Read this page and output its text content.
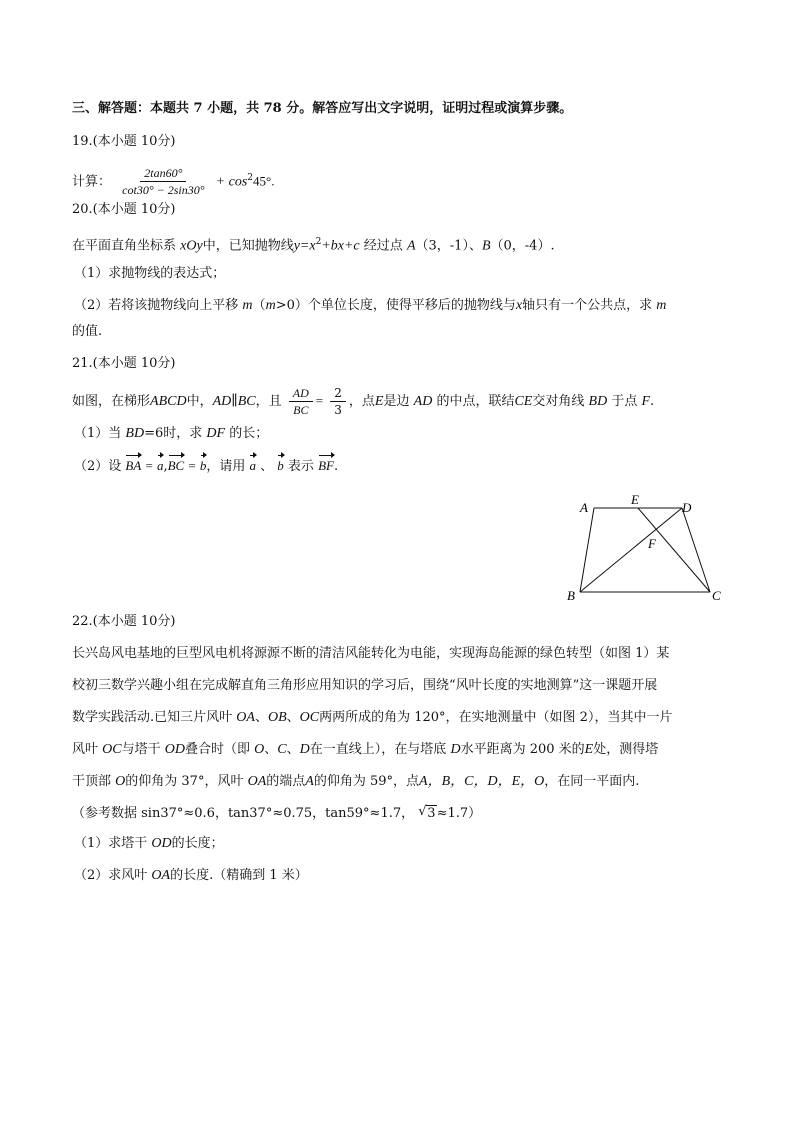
三、解答题：本题共 7 小题，共 78 分。解答应写出文字说明，证明过程或演算步骤。
19.(本小题 10分)
计算： $\frac{2\tan 60^\circ}{\cot 30^\circ - 2\sin 30^\circ} + \cos^245^\circ$.
20.(本小题 10分)
在平面直角坐标系 xOy中，已知抛物线$y=x^2+bx+c$ 经过点 A（3，-1）、B（0，-4）.
（1）求抛物线的表达式；
（2）若将该抛物线向上平移 m（m>0）个单位长度，使得平移后的抛物线与x轴只有一个公共点，求 m
的值.
21.(本小题 10分)
如图，在梯形ABCD中，AD∥BC，且 $\frac{AD}{BC} = \frac{2}{3}$ ，点E是边 AD 的中点，联结CE交对角线 BD 于点 F.
（1）当 BD=6时，求 DF 的长；
（2）设 BA = a,BC = b，请用 a 、 b 表示 BF.
A
E
D
F
B	C
22.(本小题 10分)
长兴岛风电基地的巨型风电机将源源不断的清洁风能转化为电能，实现海岛能源的绿色转型（如图 1）某
校初三数学兴趣小组在完成解直角三角形应用知识的学习后，围绕“风叶长度的实地测算”这一课题开展
数学实践活动.已知三片风叶 OA、OB、OC两两所成的角为 120°，在实地测量中（如图 2），当其中一片
风叶 OC与塔干 OD叠合时（即 O、C、D在一直线上），在与塔底 D水平距离为 200 米的E处，测得塔
干顶部 O的仰角为 37°，风叶 OA的端点A的仰角为 59°，点A，B，C，D，E，O，在同一平面内.
（参考数据 sin37°≈0.6，tan37°≈0.75，tan59°≈1.7， √ 3≈1.7）
（1）求塔干 OD的长度；
（2）求风叶 OA的长度.（精确到 1 米）
